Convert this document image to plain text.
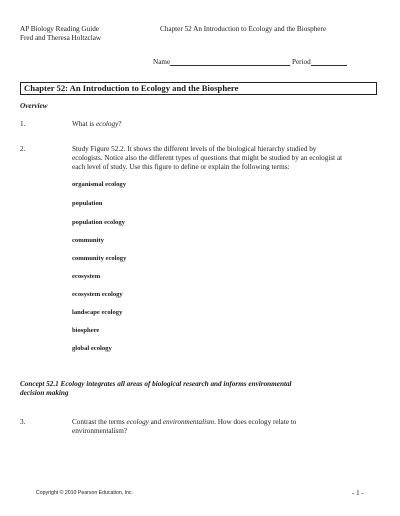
AP Biology Reading Guide
Fred and Theresa Holtzclaw
Chapter 52 An Introduction to Ecology and the Biosphere
Name	Period
Chapter 52: An Introduction to Ecology and the Biosphere
Overview
1.	What is ecology?
2.	Study Figure 52.2. It shows the different levels of the biological hierarchy studied by
ecologists. Notice also the different types of questions that might be studied by an ecologist at
each level of study. Use this figure to define or explain the following terms:
organismal ecology
population
population ecology
community
community ecology
ecosystem
ecosystem ecology
landscape ecology
biosphere
global ecology
Concept 52.1 Ecology integrates all areas of biological research and informs environmental
decision making
3.	Contrast the terms ecology and environmentalism. How does ecology relate to
environmentalism?
Copyright © 2010 Pearson Education, Inc.	- 1 -
